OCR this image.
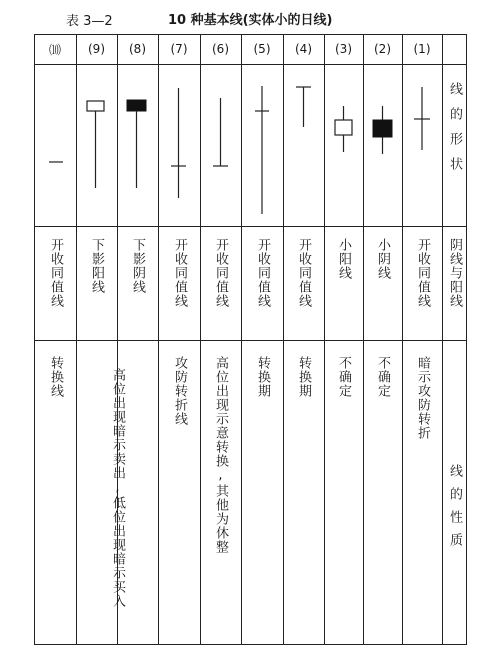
表 3—2	10 种基本线(实体小的日线)
⑽
开收同值线
转换线
(9)
下影阳线
高位出现暗示卖出,低位出现暗示买入
(8)
下影阴线
(7)
开收同值线
攻防转折线
(6)
开收同值线
高位出现示意转换,其他为休整
(5)
开收同值线
转换期
(4)
开收同值线
转换期
(3)
小阳线
不确定
(2)
小阴线
不确定
(1)
开收同值线
暗示攻防转折
线的形状
阴线与阳线
线的性质
